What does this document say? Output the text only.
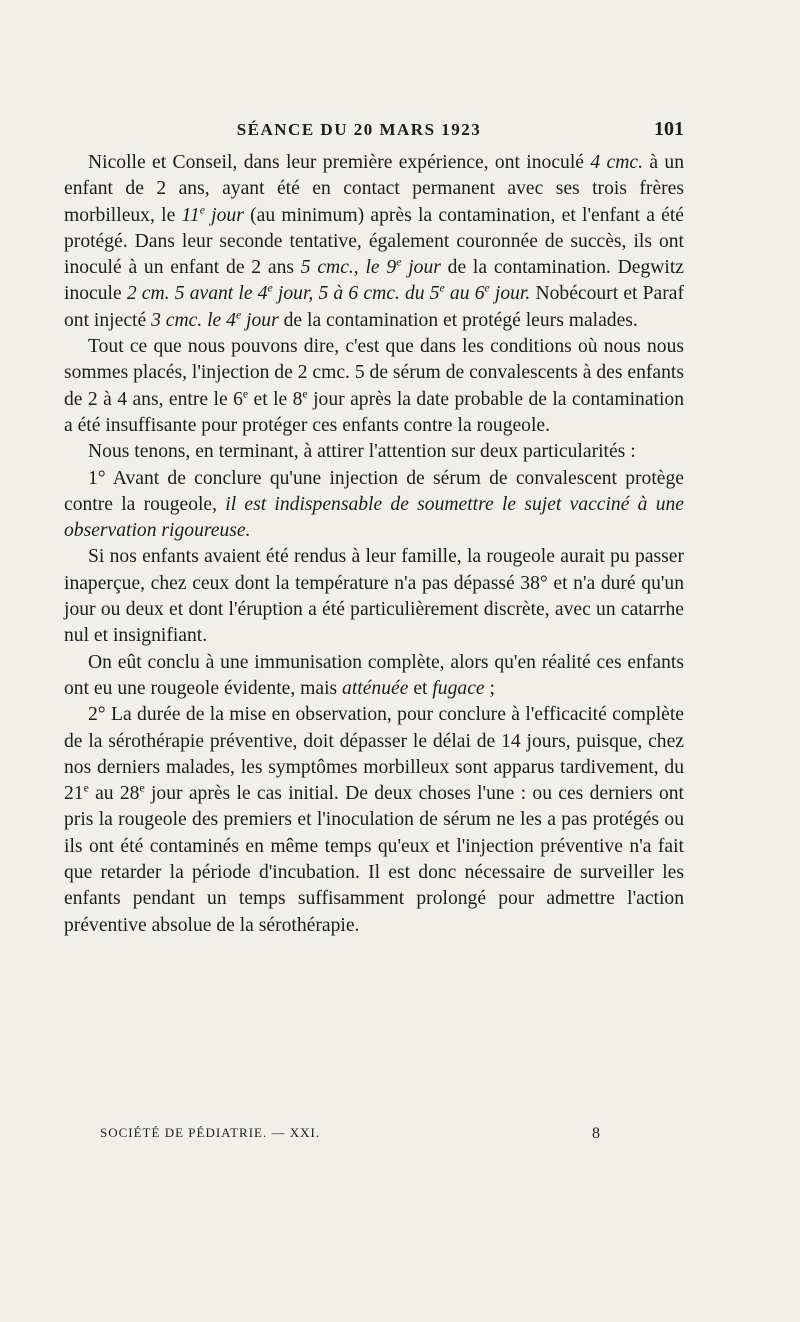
SÉANCE DU 20 MARS 1923	101

Nicolle et Conseil, dans leur première expérience, ont inoculé 4 cmc. à un enfant de 2 ans, ayant été en contact permanent avec ses trois frères morbilleux, le 11e jour (au minimum) après la contamination, et l'enfant a été protégé. Dans leur seconde tentative, également couronnée de succès, ils ont inoculé à un enfant de 2 ans 5 cmc., le 9e jour de la contamination. Degwitz inocule 2 cm. 5 avant le 4e jour, 5 à 6 cmc. du 5e au 6e jour. Nobécourt et Paraf ont injecté 3 cmc. le 4e jour de la contamination et protégé leurs malades.

Tout ce que nous pouvons dire, c'est que dans les conditions où nous nous sommes placés, l'injection de 2 cmc. 5 de sérum de convalescents à des enfants de 2 à 4 ans, entre le 6e et le 8e jour après la date probable de la contamination a été insuffisante pour protéger ces enfants contre la rougeole.

Nous tenons, en terminant, à attirer l'attention sur deux particularités :

1° Avant de conclure qu'une injection de sérum de convalescent protège contre la rougeole, il est indispensable de soumettre le sujet vacciné à une observation rigoureuse.

Si nos enfants avaient été rendus à leur famille, la rougeole aurait pu passer inaperçue, chez ceux dont la température n'a pas dépassé 38° et n'a duré qu'un jour ou deux et dont l'éruption a été particulièrement discrète, avec un catarrhe nul et insignifiant.

On eût conclu à une immunisation complète, alors qu'en réalité ces enfants ont eu une rougeole évidente, mais atténuée et fugace ;

2° La durée de la mise en observation, pour conclure à l'efficacité complète de la sérothérapie préventive, doit dépasser le délai de 14 jours, puisque, chez nos derniers malades, les symptômes morbilleux sont apparus tardivement, du 21e au 28e jour après le cas initial. De deux choses l'une : ou ces derniers ont pris la rougeole des premiers et l'inoculation de sérum ne les a pas protégés ou ils ont été contaminés en même temps qu'eux et l'injection préventive n'a fait que retarder la période d'incubation. Il est donc nécessaire de surveiller les enfants pendant un temps suffisamment prolongé pour admettre l'action préventive absolue de la sérothérapie.

SOCIÉTÉ DE PÉDIATRIE. — XXI.	8
